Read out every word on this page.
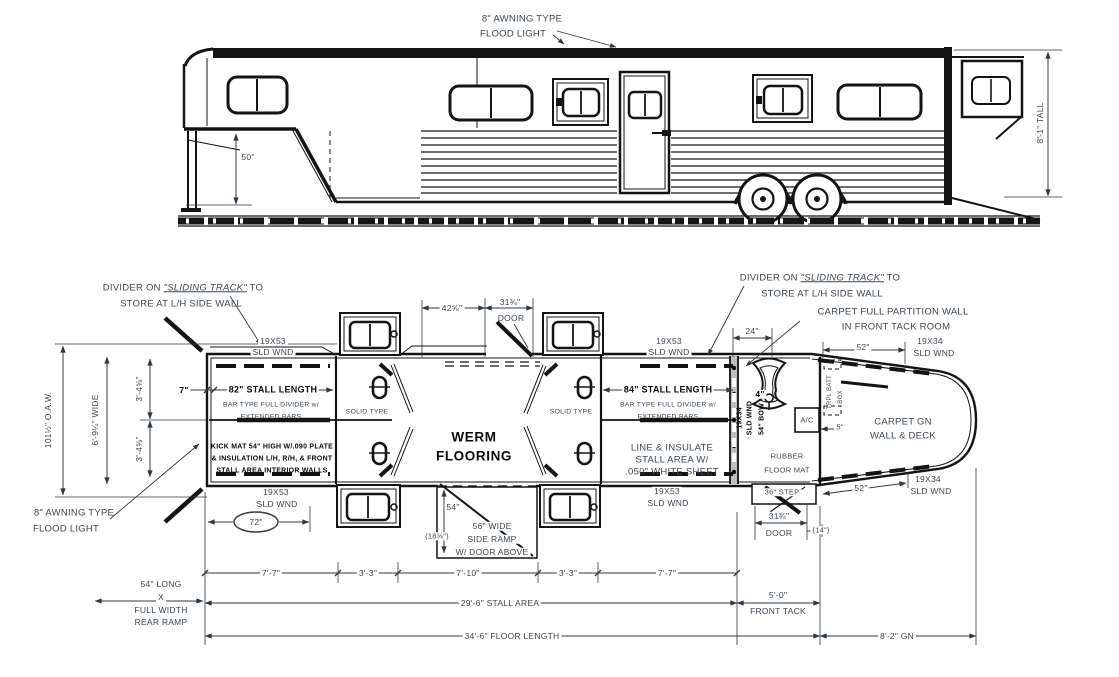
8" AWNING TYPE
FLOOD LIGHT
50"
8'-1" TALL
DIVIDER ON "SLIDING TRACK" TO
STORE AT L/H SIDE WALL
DIVIDER ON "SLIDING TRACK" TO
STORE AT L/H SIDE WALL
CARPET FULL PARTITION WALL
IN FRONT TACK ROOM
42⅝"
31¾"
DOOR
24"
52"
19X34
SLD WND
19X53
SLD WND
19X53
SLD WND
101½" O.A.W.	6'-9¼" WIDE
3'-4⅝"
3'-4⅝"
7"
8" AWNING TYPE
FLOOD LIGHT
82" STALL LENGTH
BAR TYPE FULL DIVIDER w/
EXTENDED BARS
SOLID TYPE
KICK MAT 54" HIGH W/.090 PLATE
& INSULATION L/H, R/H, & FRONT
STALL AREA INTERIOR WALLS
WERM
FLOORING
84" STALL LENGTH
BAR TYPE FULL DIVIDER w/
EXTENDED BARS
SOLID TYPE
LINE & INSULATE
STALL AREA W/
.050" WHITE SHEET
4"
19X34 SLD WND 54" BOW	A/C
5"
TRPL BATT BOX
RUBBER
FLOOR MAT
36" STEP
31¾"
DOOR	(14")
5'-0"
FRONT TACK
CARPET GN
WALL & DECK
52"
19X34
SLD WND
19X53
SLD WND
72"
19X53
SLD WND
54"
(18⅜")
56" WIDE
SIDE RAMP
W/ DOOR ABOVE
7'-7"	3'-3"	7'-10"	3'-3"	7'-7"
29'-6" STALL AREA
34'-6" FLOOR LENGTH	8'-2" GN
54" LONG
X
FULL WIDTH
REAR RAMP
